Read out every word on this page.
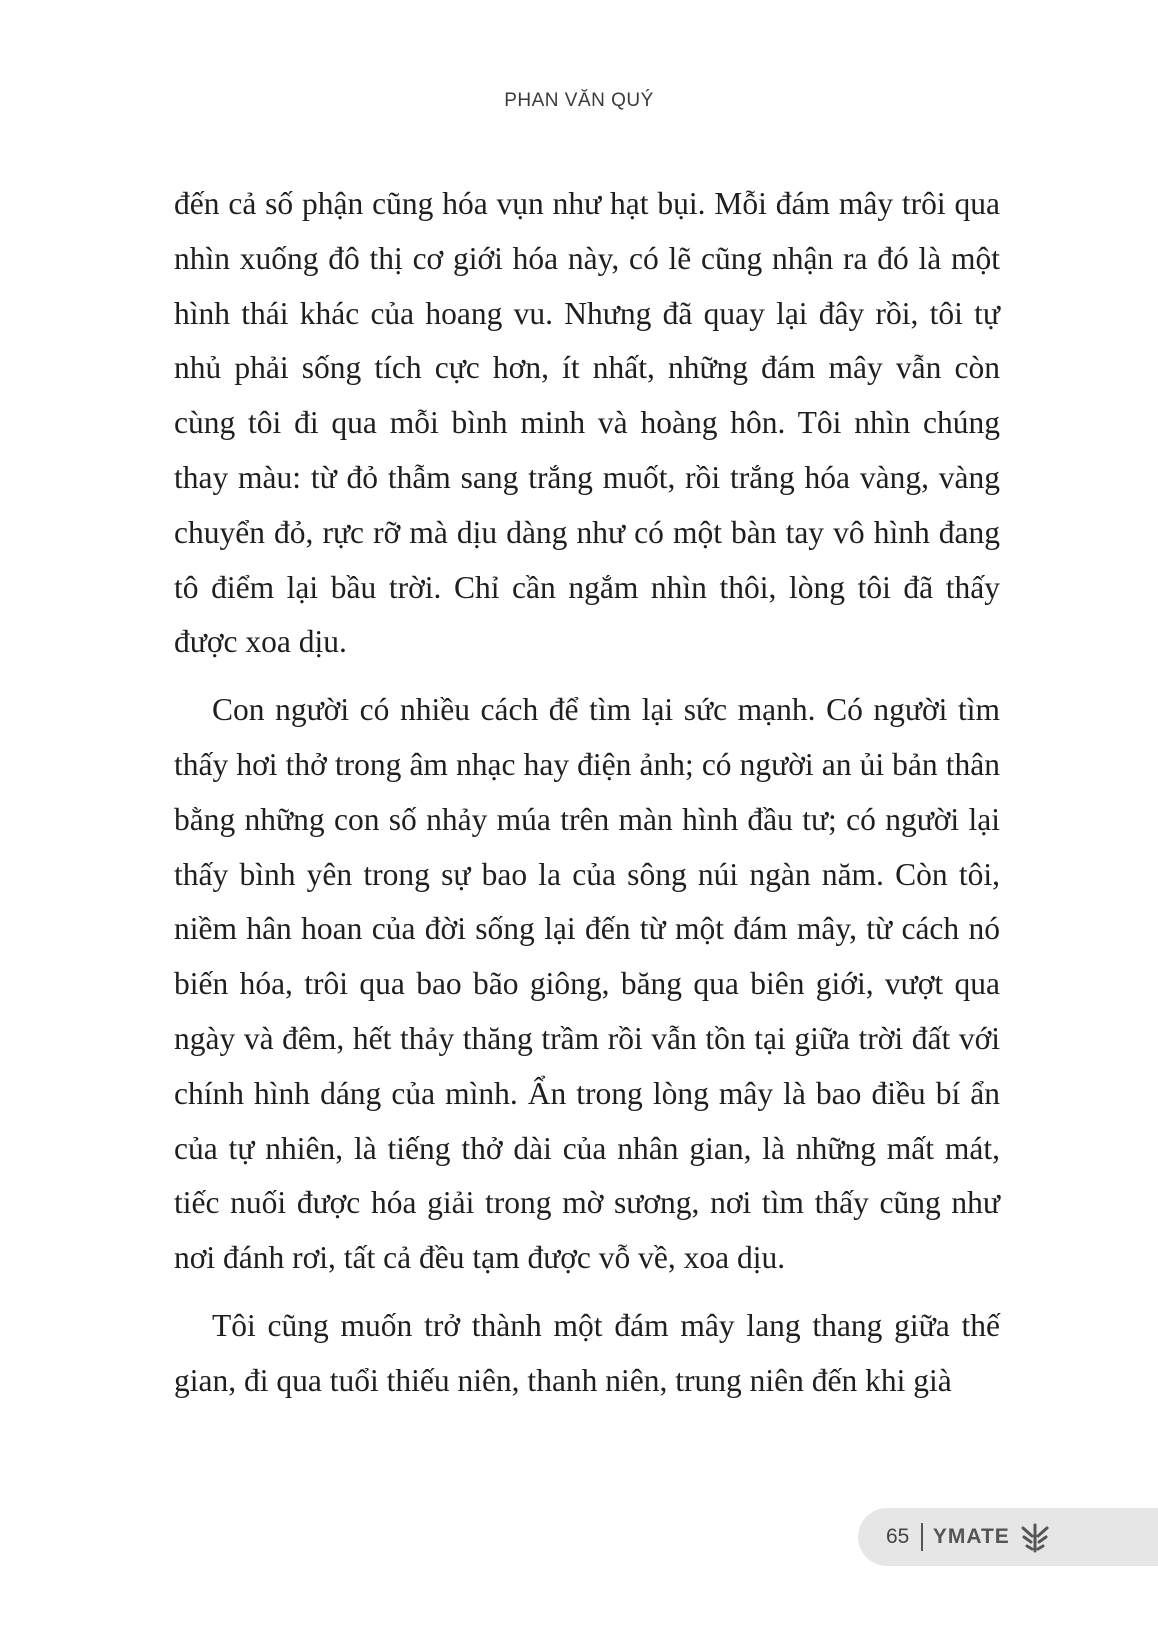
PHAN VĂN QUÝ

đến cả số phận cũng hóa vụn như hạt bụi. Mỗi đám mây trôi qua nhìn xuống đô thị cơ giới hóa này, có lẽ cũng nhận ra đó là một hình thái khác của hoang vu. Nhưng đã quay lại đây rồi, tôi tự nhủ phải sống tích cực hơn, ít nhất, những đám mây vẫn còn cùng tôi đi qua mỗi bình minh và hoàng hôn. Tôi nhìn chúng thay màu: từ đỏ thẫm sang trắng muốt, rồi trắng hóa vàng, vàng chuyển đỏ, rực rỡ mà dịu dàng như có một bàn tay vô hình đang tô điểm lại bầu trời. Chỉ cần ngắm nhìn thôi, lòng tôi đã thấy được xoa dịu.

Con người có nhiều cách để tìm lại sức mạnh. Có người tìm thấy hơi thở trong âm nhạc hay điện ảnh; có người an ủi bản thân bằng những con số nhảy múa trên màn hình đầu tư; có người lại thấy bình yên trong sự bao la của sông núi ngàn năm. Còn tôi, niềm hân hoan của đời sống lại đến từ một đám mây, từ cách nó biến hóa, trôi qua bao bão giông, băng qua biên giới, vượt qua ngày và đêm, hết thảy thăng trầm rồi vẫn tồn tại giữa trời đất với chính hình dáng của mình. Ẩn trong lòng mây là bao điều bí ẩn của tự nhiên, là tiếng thở dài của nhân gian, là những mất mát, tiếc nuối được hóa giải trong mờ sương, nơi tìm thấy cũng như nơi đánh rơi, tất cả đều tạm được vỗ về, xoa dịu.

Tôi cũng muốn trở thành một đám mây lang thang giữa thế gian, đi qua tuổi thiếu niên, thanh niên, trung niên đến khi già

65 YMATE
